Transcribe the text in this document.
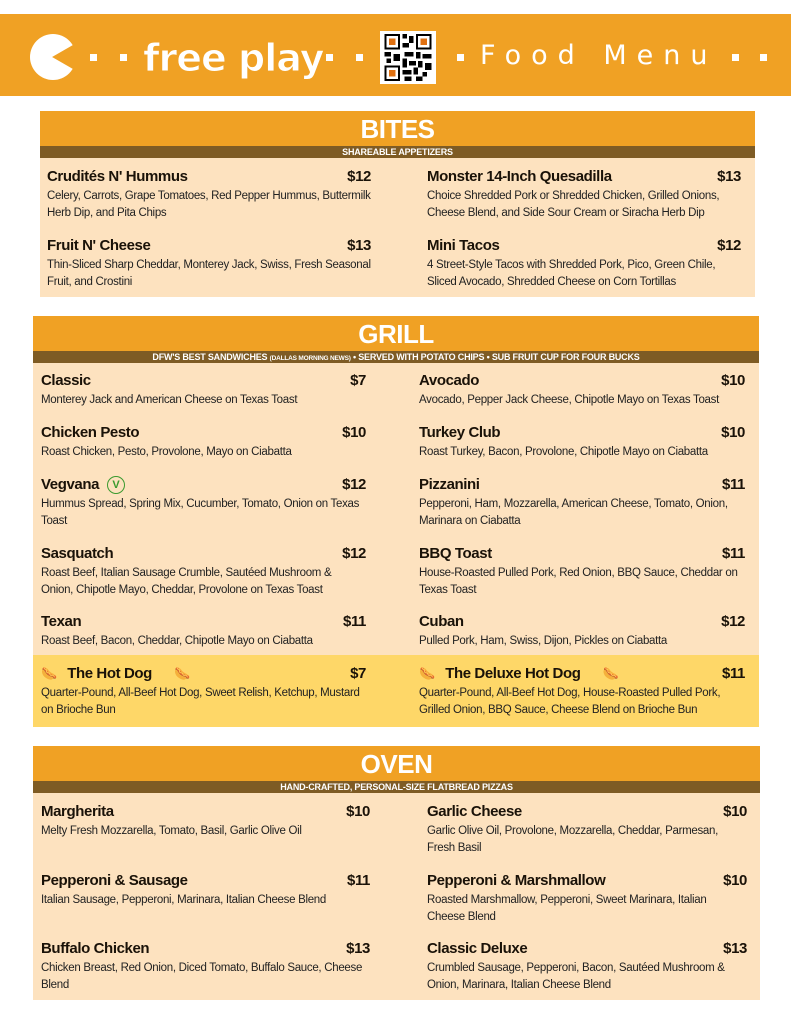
free play	Food Menu
BITES
SHAREABLE APPETIZERS
Crudités N' Hummus	$12
Celery, Carrots, Grape Tomatoes, Red Pepper Hummus, Buttermilk Herb Dip, and Pita Chips
Monster 14-Inch Quesadilla	$13
Choice Shredded Pork or Shredded Chicken, Grilled Onions, Cheese Blend, and Side Sour Cream or Siracha Herb Dip
Fruit N' Cheese	$13
Thin-Sliced Sharp Cheddar, Monterey Jack, Swiss, Fresh Seasonal Fruit, and Crostini
Mini Tacos	$12
4 Street-Style Tacos with Shredded Pork, Pico, Green Chile, Sliced Avocado, Shredded Cheese on Corn Tortillas
GRILL
DFW'S BEST SANDWICHES (DALLAS MORNING NEWS) • SERVED WITH POTATO CHIPS • SUB FRUIT CUP FOR FOUR BUCKS
Classic	$7
Monterey Jack and American Cheese on Texas Toast
Avocado	$10
Avocado, Pepper Jack Cheese, Chipotle Mayo on Texas Toast
Chicken Pesto	$10
Roast Chicken, Pesto, Provolone, Mayo on Ciabatta
Turkey Club	$10
Roast Turkey, Bacon, Provolone, Chipotle Mayo on Ciabatta
Vegvana V	$12
Hummus Spread, Spring Mix, Cucumber, Tomato, Onion on Texas Toast
Pizzanini	$11
Pepperoni, Ham, Mozzarella, American Cheese, Tomato, Onion, Marinara on Ciabatta
Sasquatch	$12
Roast Beef, Italian Sausage Crumble, Sautéed Mushroom & Onion, Chipotle Mayo, Cheddar, Provolone on Texas Toast
BBQ Toast	$11
House-Roasted Pulled Pork, Red Onion, BBQ Sauce, Cheddar on Texas Toast
Texan	$11
Roast Beef, Bacon, Cheddar, Chipotle Mayo on Ciabatta
Cuban	$12
Pulled Pork, Ham, Swiss, Dijon, Pickles on Ciabatta
🌭 The Hot Dog 🌭	$7
Quarter-Pound, All-Beef Hot Dog, Sweet Relish, Ketchup, Mustard on Brioche Bun
🌭 The Deluxe Hot Dog 🌭	$11
Quarter-Pound, All-Beef Hot Dog, House-Roasted Pulled Pork, Grilled Onion, BBQ Sauce, Cheese Blend on Brioche Bun
OVEN
HAND-CRAFTED, PERSONAL-SIZE FLATBREAD PIZZAS
Margherita	$10
Melty Fresh Mozzarella, Tomato, Basil, Garlic Olive Oil
Garlic Cheese	$10
Garlic Olive Oil, Provolone, Mozzarella, Cheddar, Parmesan, Fresh Basil
Pepperoni & Sausage	$11
Italian Sausage, Pepperoni, Marinara, Italian Cheese Blend
Pepperoni & Marshmallow	$10
Roasted Marshmallow, Pepperoni, Sweet Marinara, Italian Cheese Blend
Buffalo Chicken	$13
Chicken Breast, Red Onion, Diced Tomato, Buffalo Sauce, Cheese Blend
Classic Deluxe	$13
Crumbled Sausage, Pepperoni, Bacon, Sautéed Mushroom & Onion, Marinara, Italian Cheese Blend
